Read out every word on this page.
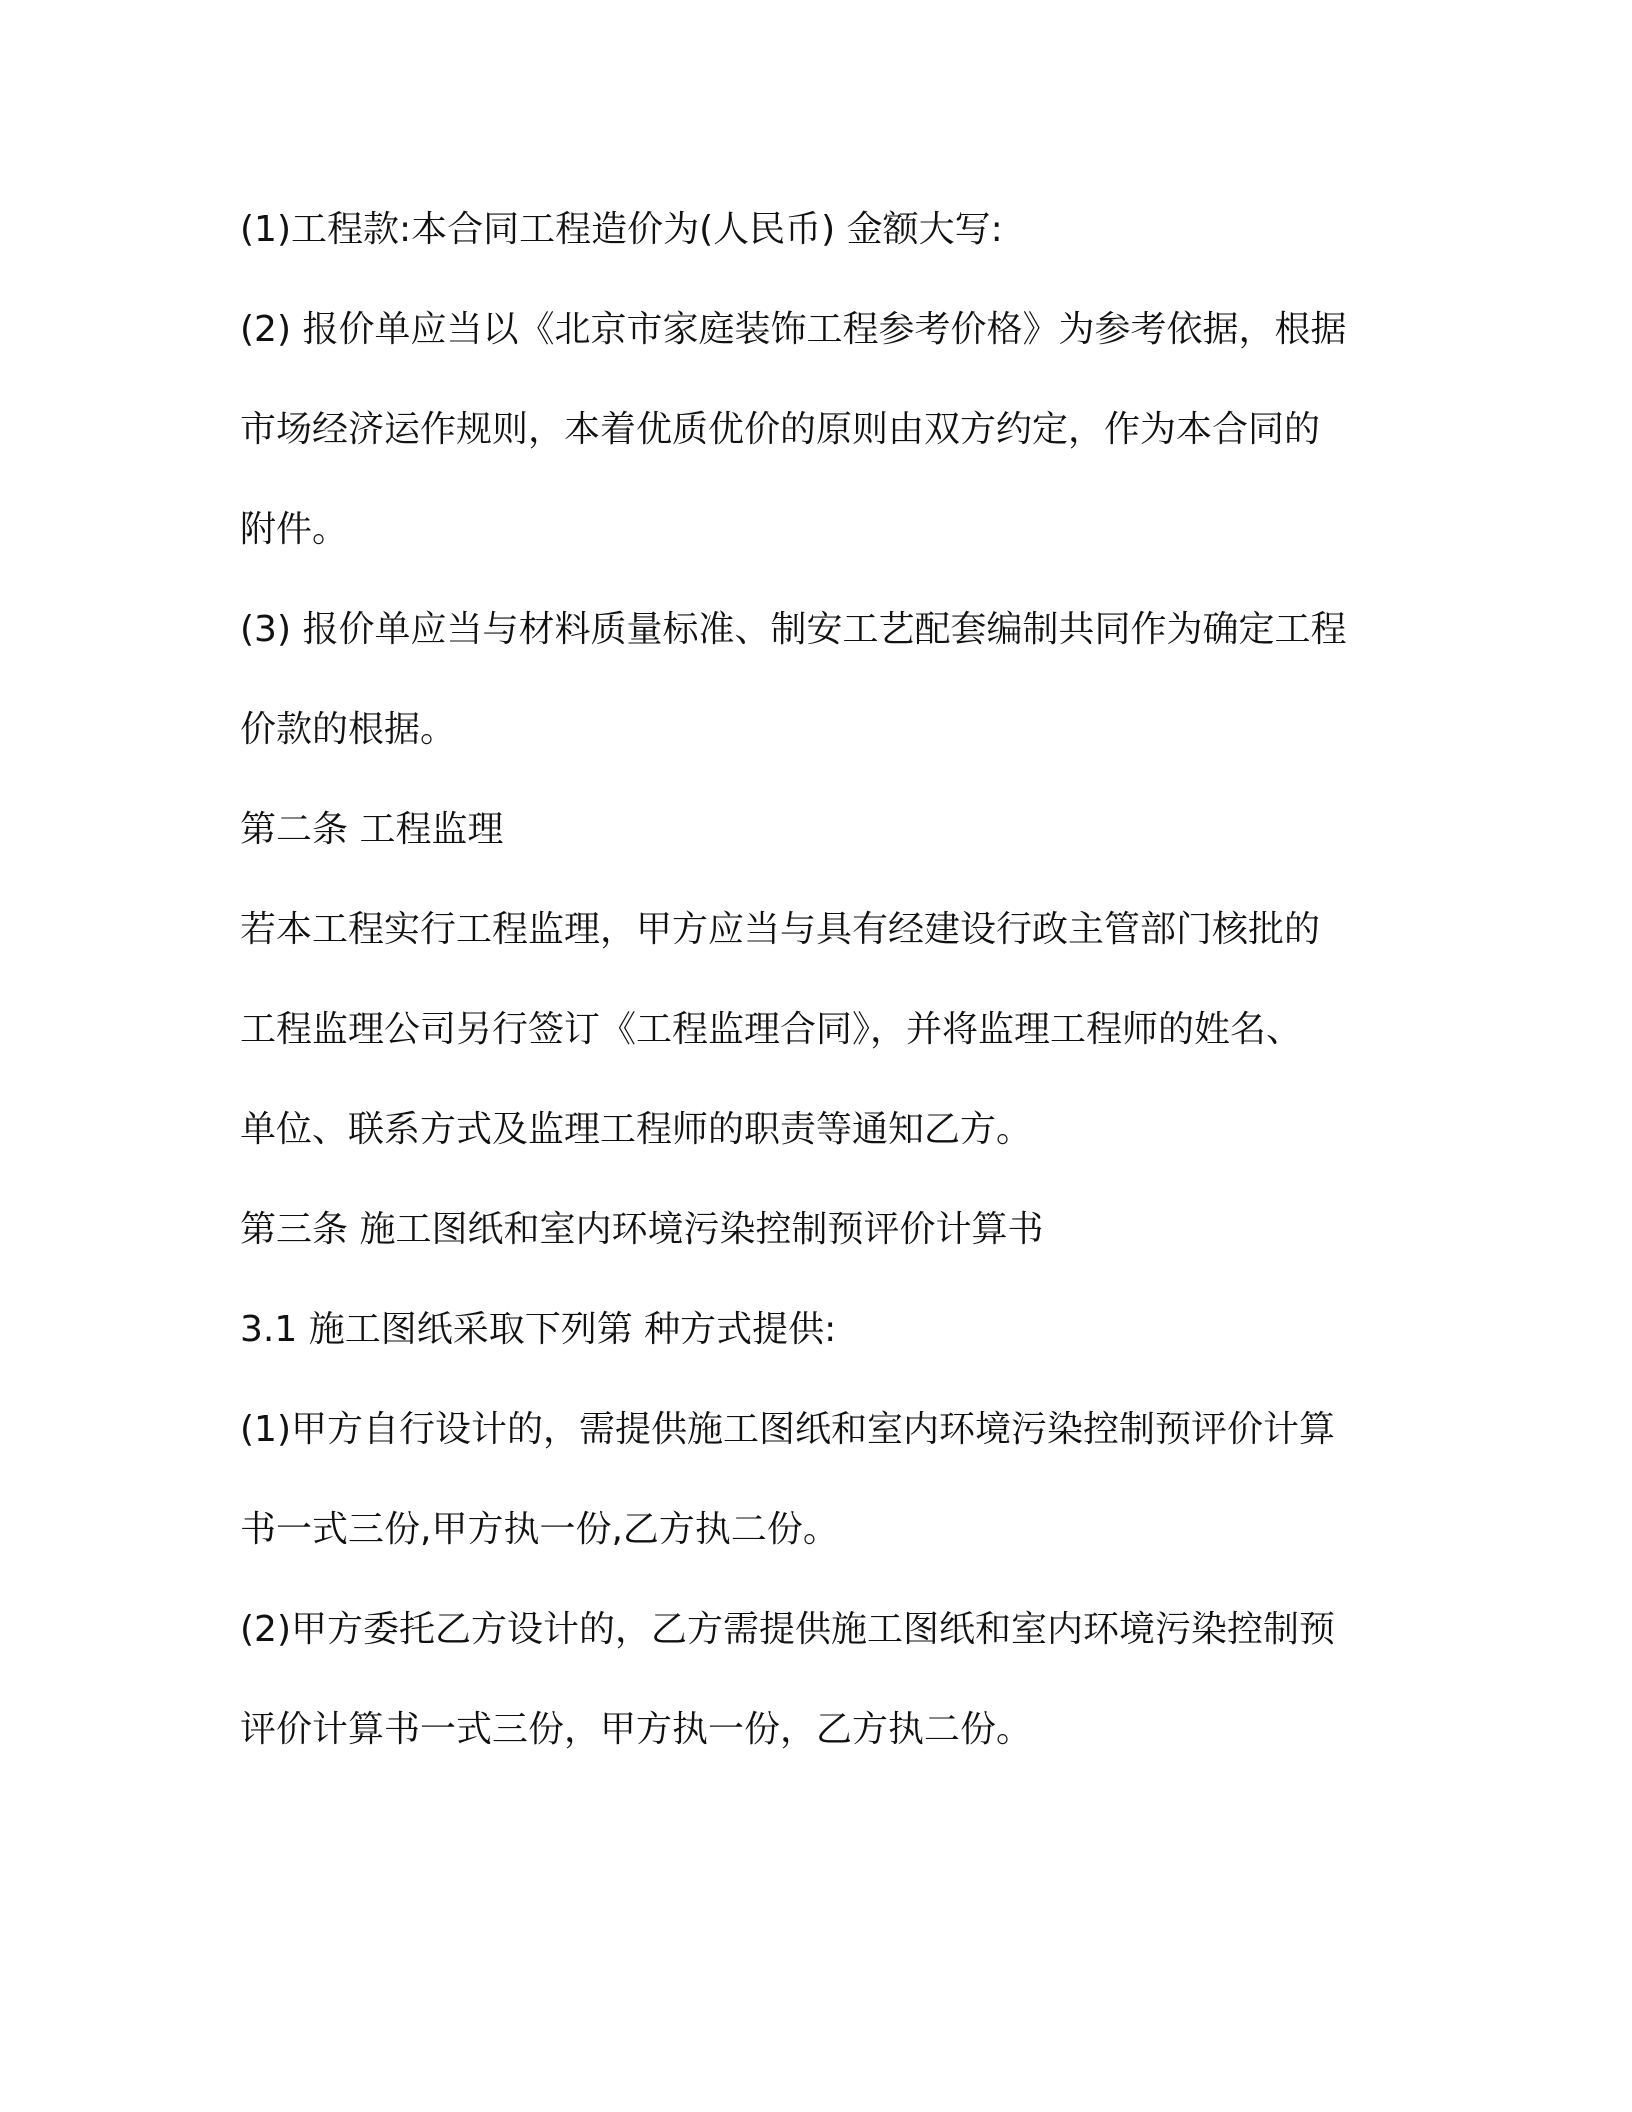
(1)工程款:本合同工程造价为(人民币) 金额大写:

(2) 报价单应当以《北京市家庭装饰工程参考价格》为参考依据，根据

市场经济运作规则，本着优质优价的原则由双方约定，作为本合同的

附件。

(3) 报价单应当与材料质量标准、制安工艺配套编制共同作为确定工程

价款的根据。

第二条 工程监理

若本工程实行工程监理，甲方应当与具有经建设行政主管部门核批的

工程监理公司另行签订《工程监理合同》，并将监理工程师的姓名、

单位、联系方式及监理工程师的职责等通知乙方。

第三条 施工图纸和室内环境污染控制预评价计算书

3.1 施工图纸采取下列第 种方式提供:

(1)甲方自行设计的，需提供施工图纸和室内环境污染控制预评价计算

书一式三份,甲方执一份,乙方执二份。

(2)甲方委托乙方设计的，乙方需提供施工图纸和室内环境污染控制预

评价计算书一式三份，甲方执一份，乙方执二份。
